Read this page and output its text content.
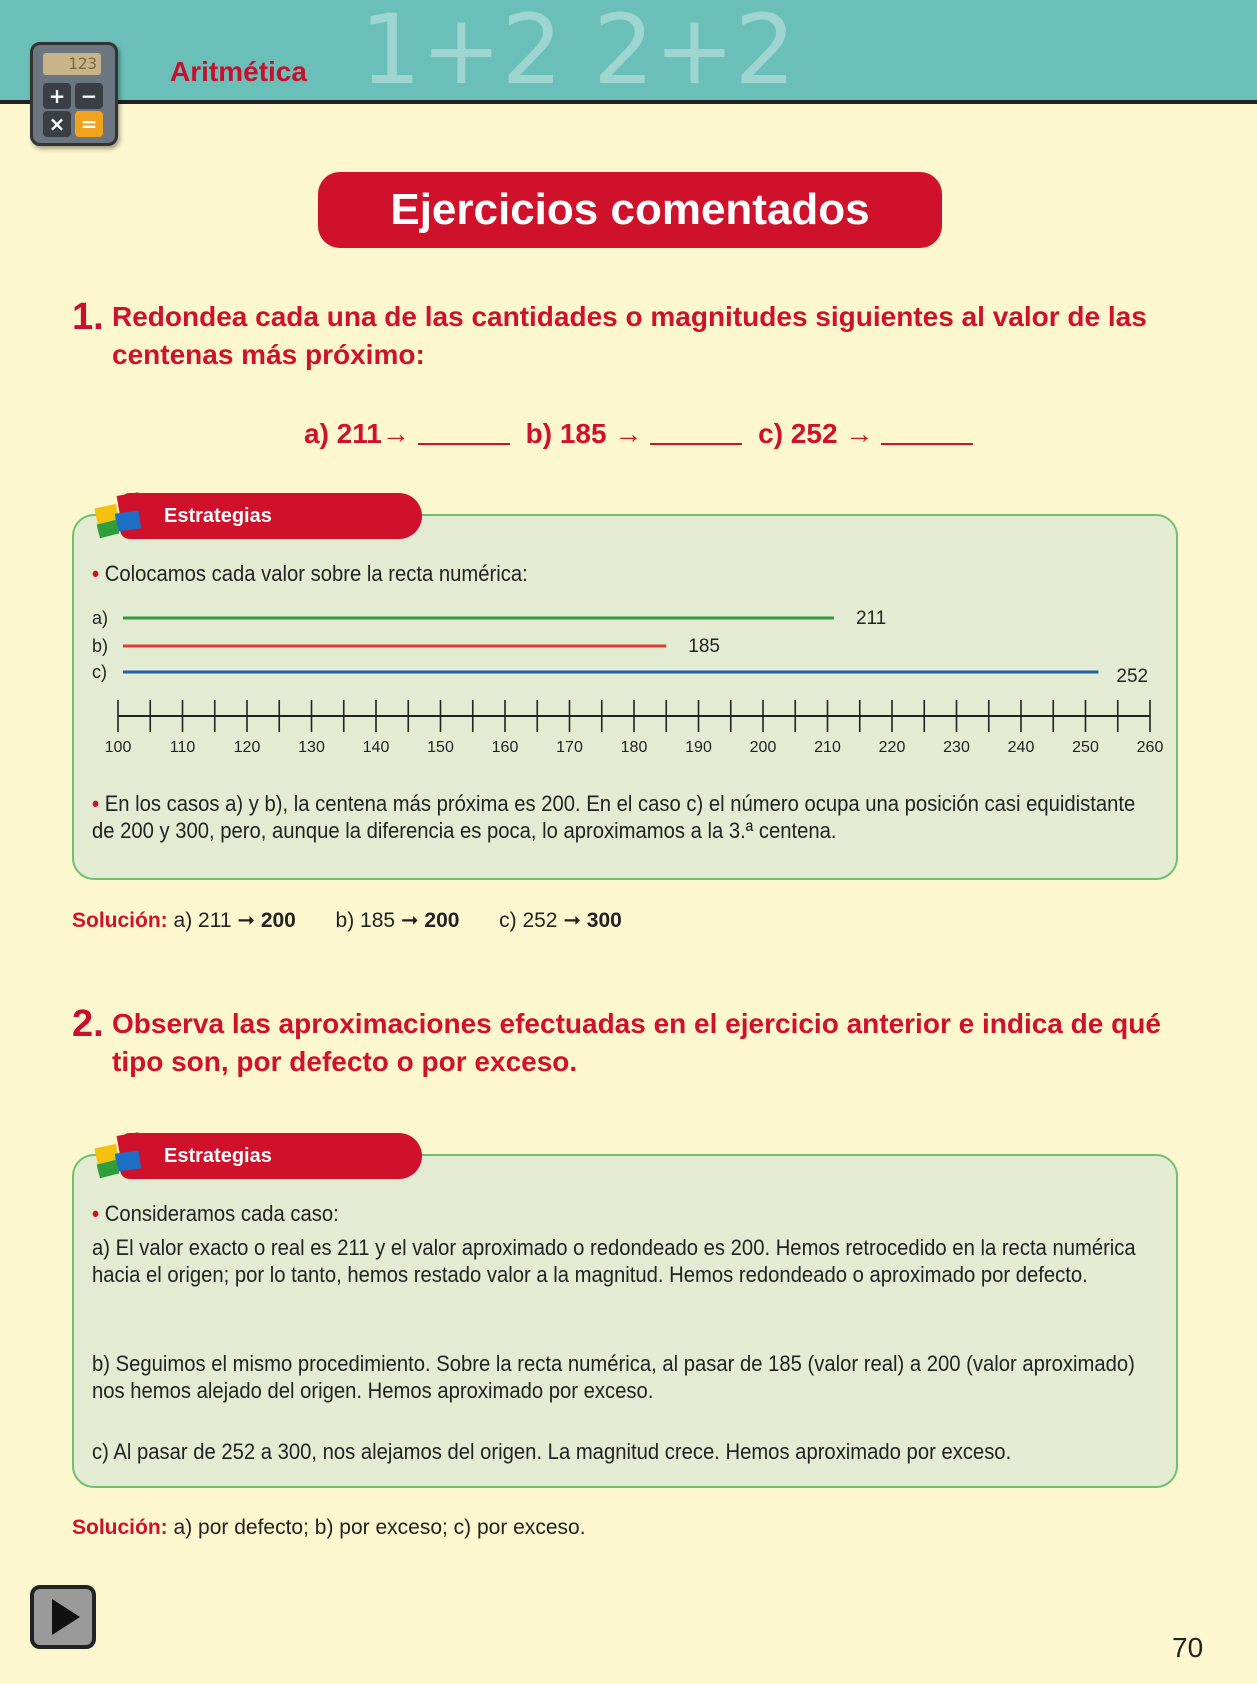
1+2 2+2
123
+ −
× =
Aritmética
Ejercicios comentados
1. Redondea cada una de las cantidades o magnitudes siguientes al valor de las centenas más próximo:
a) 211→	b) 185 →	c) 252 →
• Colocamos cada valor sobre la recta numérica:
a)	211
b)	185
c)	252
100 110 120 130 140 150 160 170 180 190 200 210 220 230 240 250 260
• En los casos a) y b), la centena más próxima es 200. En el caso c) el número ocupa una posición casi equidistante de 200 y 300, pero, aunque la diferencia es poca, lo aproximamos a la 3.ª centena.
Estrategias
Solución: a) 211 ➞ 200 b) 185 ➞ 200 c) 252 ➞ 300
2. Observa las aproximaciones efectuadas en el ejercicio anterior e indica de qué tipo son, por defecto o por exceso.
• Consideramos cada caso:
a) El valor exacto o real es 211 y el valor aproximado o redondeado es 200. Hemos retrocedido en la recta numérica hacia el origen; por lo tanto, hemos restado valor a la magnitud. Hemos redondeado o aproximado por defecto.
b) Seguimos el mismo procedimiento. Sobre la recta numérica, al pasar de 185 (valor real) a 200 (valor aproximado) nos hemos alejado del origen. Hemos aproximado por exceso.
c) Al pasar de 252 a 300, nos alejamos del origen. La magnitud crece. Hemos aproximado por exceso.
Estrategias
Solución: a) por defecto; b) por exceso; c) por exceso.
70
